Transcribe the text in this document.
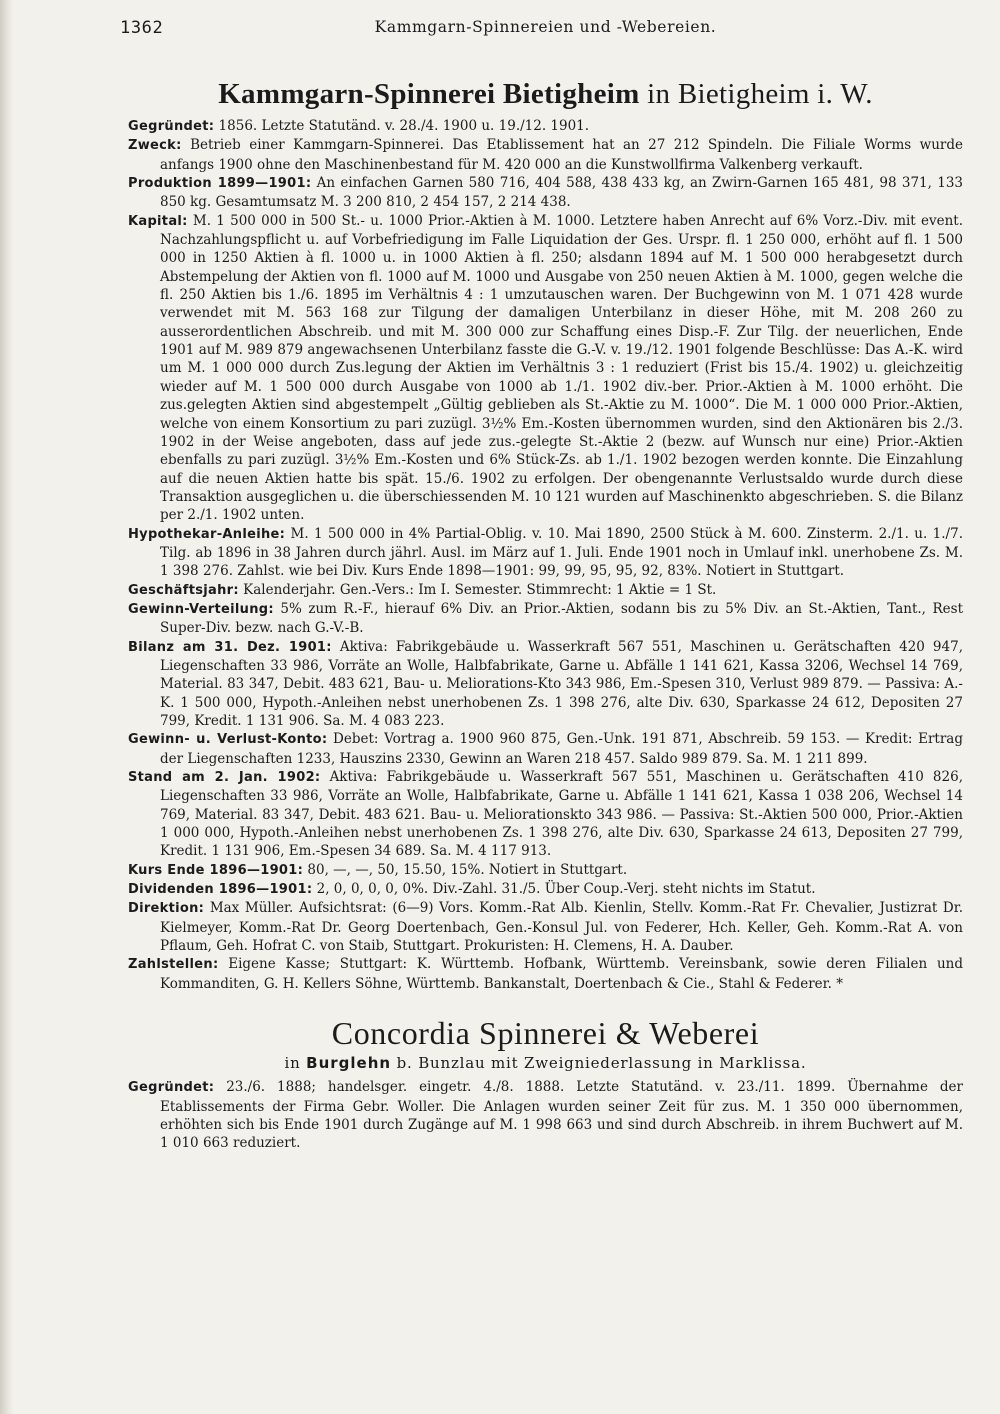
1362	Kammgarn-Spinnereien und -Webereien.
Kammgarn-Spinnerei Bietigheim in Bietigheim i. W.

Gegründet: 1856. Letzte Statutänd. v. 28./4. 1900 u. 19./12. 1901.

Zweck: Betrieb einer Kammgarn-Spinnerei. Das Etablissement hat an 27 212 Spindeln. Die Filiale Worms wurde anfangs 1900 ohne den Maschinenbestand für M. 420 000 an die Kunstwollfirma Valkenberg verkauft.

Produktion 1899—1901: An einfachen Garnen 580 716, 404 588, 438 433 kg, an Zwirn-Garnen 165 481, 98 371, 133 850 kg. Gesamtumsatz M. 3 200 810, 2 454 157, 2 214 438.

Kapital: M. 1 500 000 in 500 St.- u. 1000 Prior.-Aktien à M. 1000. Letztere haben Anrecht auf 6% Vorz.-Div. mit event. Nachzahlungspflicht u. auf Vorbefriedigung im Falle Liquidation der Ges. Urspr. fl. 1 250 000, erhöht auf fl. 1 500 000 in 1250 Aktien à fl. 1000 u. in 1000 Aktien à fl. 250; alsdann 1894 auf M. 1 500 000 herabgesetzt durch Abstempelung der Aktien von fl. 1000 auf M. 1000 und Ausgabe von 250 neuen Aktien à M. 1000, gegen welche die fl. 250 Aktien bis 1./6. 1895 im Verhältnis 4 : 1 umzutauschen waren. Der Buchgewinn von M. 1 071 428 wurde verwendet mit M. 563 168 zur Tilgung der damaligen Unterbilanz in dieser Höhe, mit M. 208 260 zu ausserordentlichen Abschreib. und mit M. 300 000 zur Schaffung eines Disp.-F. Zur Tilg. der neuerlichen, Ende 1901 auf M. 989 879 angewachsenen Unterbilanz fasste die G.-V. v. 19./12. 1901 folgende Beschlüsse: Das A.-K. wird um M. 1 000 000 durch Zus.legung der Aktien im Verhältnis 3 : 1 reduziert (Frist bis 15./4. 1902) u. gleichzeitig wieder auf M. 1 500 000 durch Ausgabe von 1000 ab 1./1. 1902 div.-ber. Prior.-Aktien à M. 1000 erhöht. Die zus.gelegten Aktien sind abgestempelt „Gültig geblieben als St.-Aktie zu M. 1000“. Die M. 1 000 000 Prior.-Aktien, welche von einem Konsortium zu pari zuzügl. 3½% Em.-Kosten übernommen wurden, sind den Aktionären bis 2./3. 1902 in der Weise angeboten, dass auf jede zus.-gelegte St.-Aktie 2 (bezw. auf Wunsch nur eine) Prior.-Aktien ebenfalls zu pari zuzügl. 3½% Em.-Kosten und 6% Stück-Zs. ab 1./1. 1902 bezogen werden konnte. Die Einzahlung auf die neuen Aktien hatte bis spät. 15./6. 1902 zu erfolgen. Der obengenannte Verlustsaldo wurde durch diese Transaktion ausgeglichen u. die überschiessenden M. 10 121 wurden auf Maschinenkto abgeschrieben. S. die Bilanz per 2./1. 1902 unten.

Hypothekar-Anleihe: M. 1 500 000 in 4% Partial-Oblig. v. 10. Mai 1890, 2500 Stück à M. 600. Zinsterm. 2./1. u. 1./7. Tilg. ab 1896 in 38 Jahren durch jährl. Ausl. im März auf 1. Juli. Ende 1901 noch in Umlauf inkl. unerhobene Zs. M. 1 398 276. Zahlst. wie bei Div. Kurs Ende 1898—1901: 99, 99, 95, 95, 92, 83%. Notiert in Stuttgart.

Geschäftsjahr: Kalenderjahr. Gen.-Vers.: Im I. Semester. Stimmrecht: 1 Aktie = 1 St.

Gewinn-Verteilung: 5% zum R.-F., hierauf 6% Div. an Prior.-Aktien, sodann bis zu 5% Div. an St.-Aktien, Tant., Rest Super-Div. bezw. nach G.-V.-B.

Bilanz am 31. Dez. 1901: Aktiva: Fabrikgebäude u. Wasserkraft 567 551, Maschinen u. Gerätschaften 420 947, Liegenschaften 33 986, Vorräte an Wolle, Halbfabrikate, Garne u. Abfälle 1 141 621, Kassa 3206, Wechsel 14 769, Material. 83 347, Debit. 483 621, Bau- u. Meliorations-Kto 343 986, Em.-Spesen 310, Verlust 989 879. — Passiva: A.-K. 1 500 000, Hypoth.-Anleihen nebst unerhobenen Zs. 1 398 276, alte Div. 630, Sparkasse 24 612, Depositen 27 799, Kredit. 1 131 906. Sa. M. 4 083 223.

Gewinn- u. Verlust-Konto: Debet: Vortrag a. 1900 960 875, Gen.-Unk. 191 871, Abschreib. 59 153. — Kredit: Ertrag der Liegenschaften 1233, Hauszins 2330, Gewinn an Waren 218 457. Saldo 989 879. Sa. M. 1 211 899.

Stand am 2. Jan. 1902: Aktiva: Fabrikgebäude u. Wasserkraft 567 551, Maschinen u. Gerätschaften 410 826, Liegenschaften 33 986, Vorräte an Wolle, Halbfabrikate, Garne u. Abfälle 1 141 621, Kassa 1 038 206, Wechsel 14 769, Material. 83 347, Debit. 483 621. Bau- u. Meliorationskto 343 986. — Passiva: St.-Aktien 500 000, Prior.-Aktien 1 000 000, Hypoth.-Anleihen nebst unerhobenen Zs. 1 398 276, alte Div. 630, Sparkasse 24 613, Depositen 27 799, Kredit. 1 131 906, Em.-Spesen 34 689. Sa. M. 4 117 913.

Kurs Ende 1896—1901: 80, —, —, 50, 15.50, 15%. Notiert in Stuttgart.

Dividenden 1896—1901: 2, 0, 0, 0, 0, 0%. Div.-Zahl. 31./5. Über Coup.-Verj. steht nichts im Statut.

Direktion: Max Müller. Aufsichtsrat: (6—9) Vors. Komm.-Rat Alb. Kienlin, Stellv. Komm.-Rat Fr. Chevalier, Justizrat Dr. Kielmeyer, Komm.-Rat Dr. Georg Doertenbach, Gen.-Konsul Jul. von Federer, Hch. Keller, Geh. Komm.-Rat A. von Pflaum, Geh. Hofrat C. von Staib, Stuttgart. Prokuristen: H. Clemens, H. A. Dauber.

Zahlstellen: Eigene Kasse; Stuttgart: K. Württemb. Hofbank, Württemb. Vereinsbank, sowie deren Filialen und Kommanditen, G. H. Kellers Söhne, Württemb. Bankanstalt, Doertenbach & Cie., Stahl & Federer. *

Concordia Spinnerei & Weberei
in Burglehn b. Bunzlau mit Zweigniederlassung in Marklissa.

Gegründet: 23./6. 1888; handelsger. eingetr. 4./8. 1888. Letzte Statutänd. v. 23./11. 1899. Übernahme der Etablissements der Firma Gebr. Woller. Die Anlagen wurden seiner Zeit für zus. M. 1 350 000 übernommen, erhöhten sich bis Ende 1901 durch Zugänge auf M. 1 998 663 und sind durch Abschreib. in ihrem Buchwert auf M. 1 010 663 reduziert.
